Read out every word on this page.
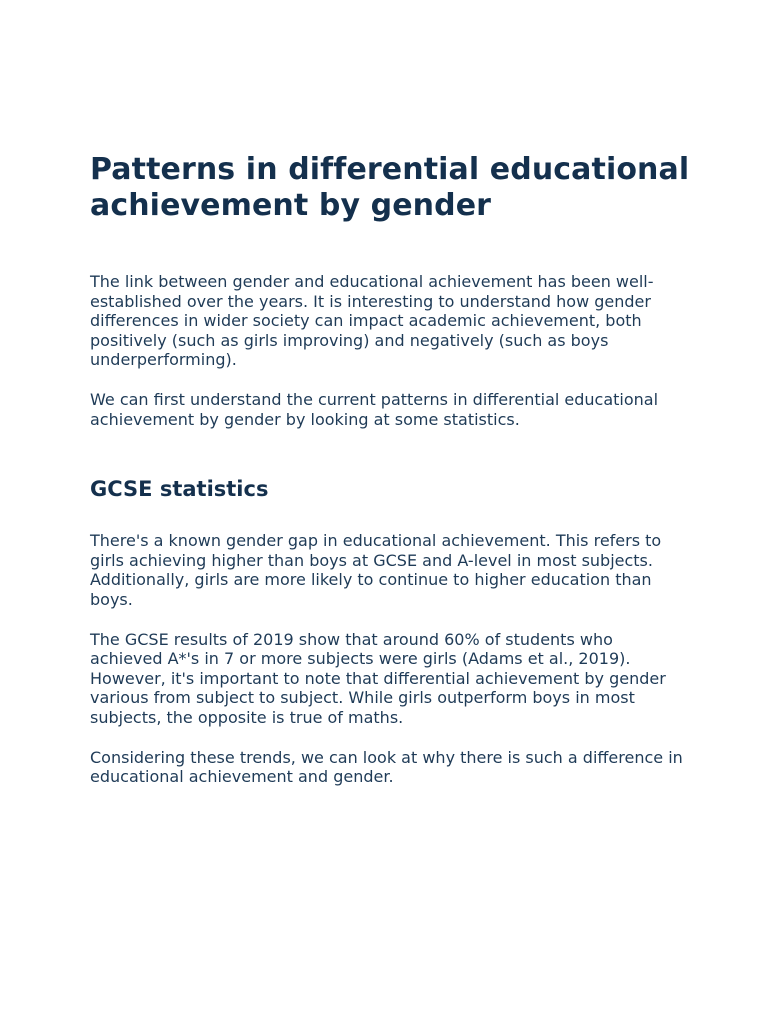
Patterns in differential educational achievement by gender

The link between gender and educational achievement has been well-established over the years. It is interesting to understand how gender differences in wider society can impact academic achievement, both positively (such as girls improving) and negatively (such as boys underperforming).

We can first understand the current patterns in differential educational achievement by gender by looking at some statistics.

GCSE statistics

There's a known gender gap in educational achievement. This refers to girls achieving higher than boys at GCSE and A-level in most subjects. Additionally, girls are more likely to continue to higher education than boys.

The GCSE results of 2019 show that around 60% of students who achieved A*'s in 7 or more subjects were girls (Adams et al., 2019). However, it's important to note that differential achievement by gender various from subject to subject. While girls outperform boys in most subjects, the opposite is true of maths.

Considering these trends, we can look at why there is such a difference in educational achievement and gender.
